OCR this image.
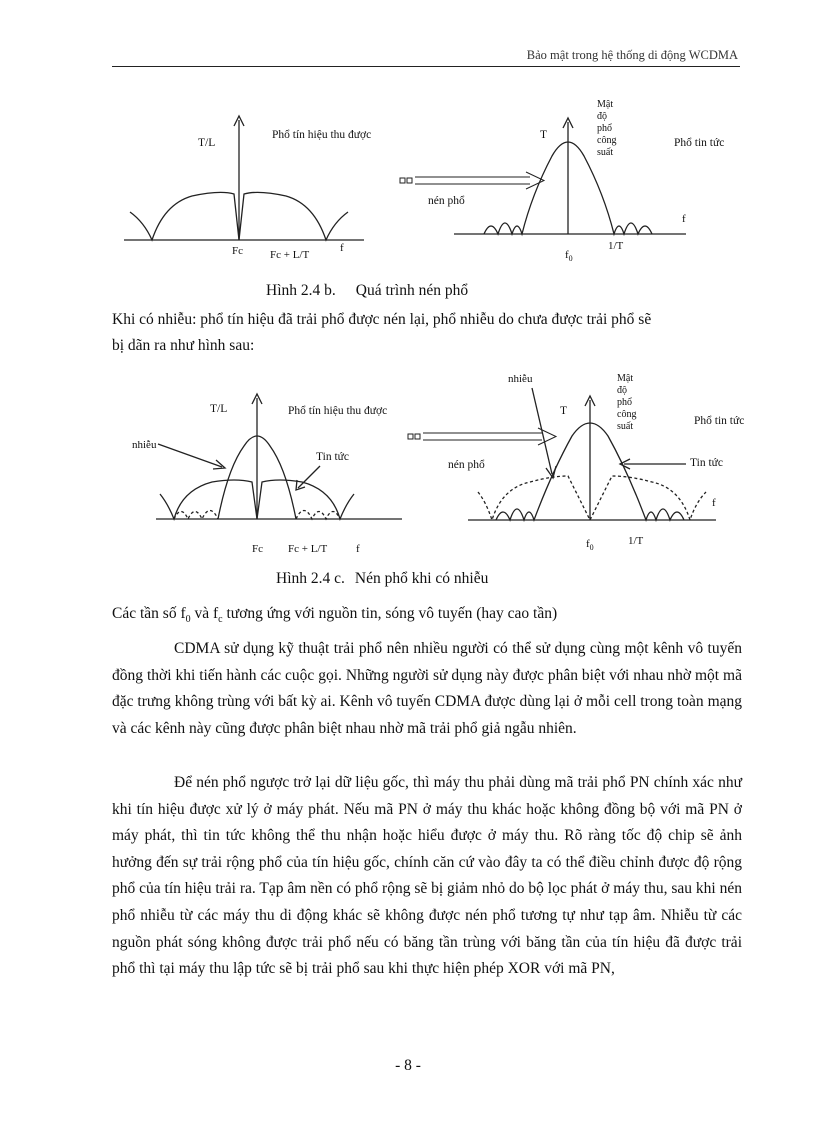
Bảo mật trong hệ thống di động WCDMA
T/L
Phổ tín hiệu thu được
Fc Fc + L/T
f
nén phổ
T
Mật
độ
phổ
công
suất
Phổ tin tức
f
$f_0$
1/T
Hình 2.4 b. Quá trình nén phổ
Khi có nhiễu: phổ tín hiệu đã trải phổ được nén lại, phổ nhiễu do chưa được trải phổ sẽ
bị dãn ra như hình sau:
T/L	Phổ tín hiệu thu được
nhiễu
Tin tức
Fc Fc + L/T	f
nén phổ
nhiễu
T
Mật
độ
phổ
công
suất	Phổ tin tức
Tin tức
f
$f_0$
1/T
Hình 2.4 c. Nén phổ khi có nhiễu
Các tần số $f_0$ và $f_c$ tương ứng với nguồn tin, sóng vô tuyến (hay cao tần)
CDMA sử dụng kỹ thuật trải phổ nên nhiều người có thể sử dụng cùng một kênh vô tuyến đồng thời khi tiến hành các cuộc gọi. Những người sử dụng này được phân biệt với nhau nhờ một mã đặc trưng không trùng với bất kỳ ai. Kênh vô tuyến CDMA được dùng lại ở mỗi cell trong toàn mạng và các kênh này cũng được phân biệt nhau nhờ mã trải phổ giả ngẫu nhiên.
Để nén phổ ngược trở lại dữ liệu gốc, thì máy thu phải dùng mã trải phổ PN chính xác như khi tín hiệu được xử lý ở máy phát. Nếu mã PN ở máy thu khác hoặc không đồng bộ với mã PN ở máy phát, thì tin tức không thể thu nhận hoặc hiểu được ở máy thu. Rõ ràng tốc độ chip sẽ ảnh hưởng đến sự trải rộng phổ của tín hiệu gốc, chính căn cứ vào đây ta có thể điều chỉnh được độ rộng phổ của tín hiệu trải ra. Tạp âm nền có phổ rộng sẽ bị giảm nhỏ do bộ lọc phát ở máy thu, sau khi nén phổ nhiễu từ các máy thu di động khác sẽ không được nén phổ tương tự như tạp âm. Nhiễu từ các nguồn phát sóng không được trải phổ nếu có băng tần trùng với băng tần của tín hiệu đã được trải phổ thì tại máy thu lập tức sẽ bị trải phổ sau khi thực hiện phép XOR với mã PN,
- 8 -
